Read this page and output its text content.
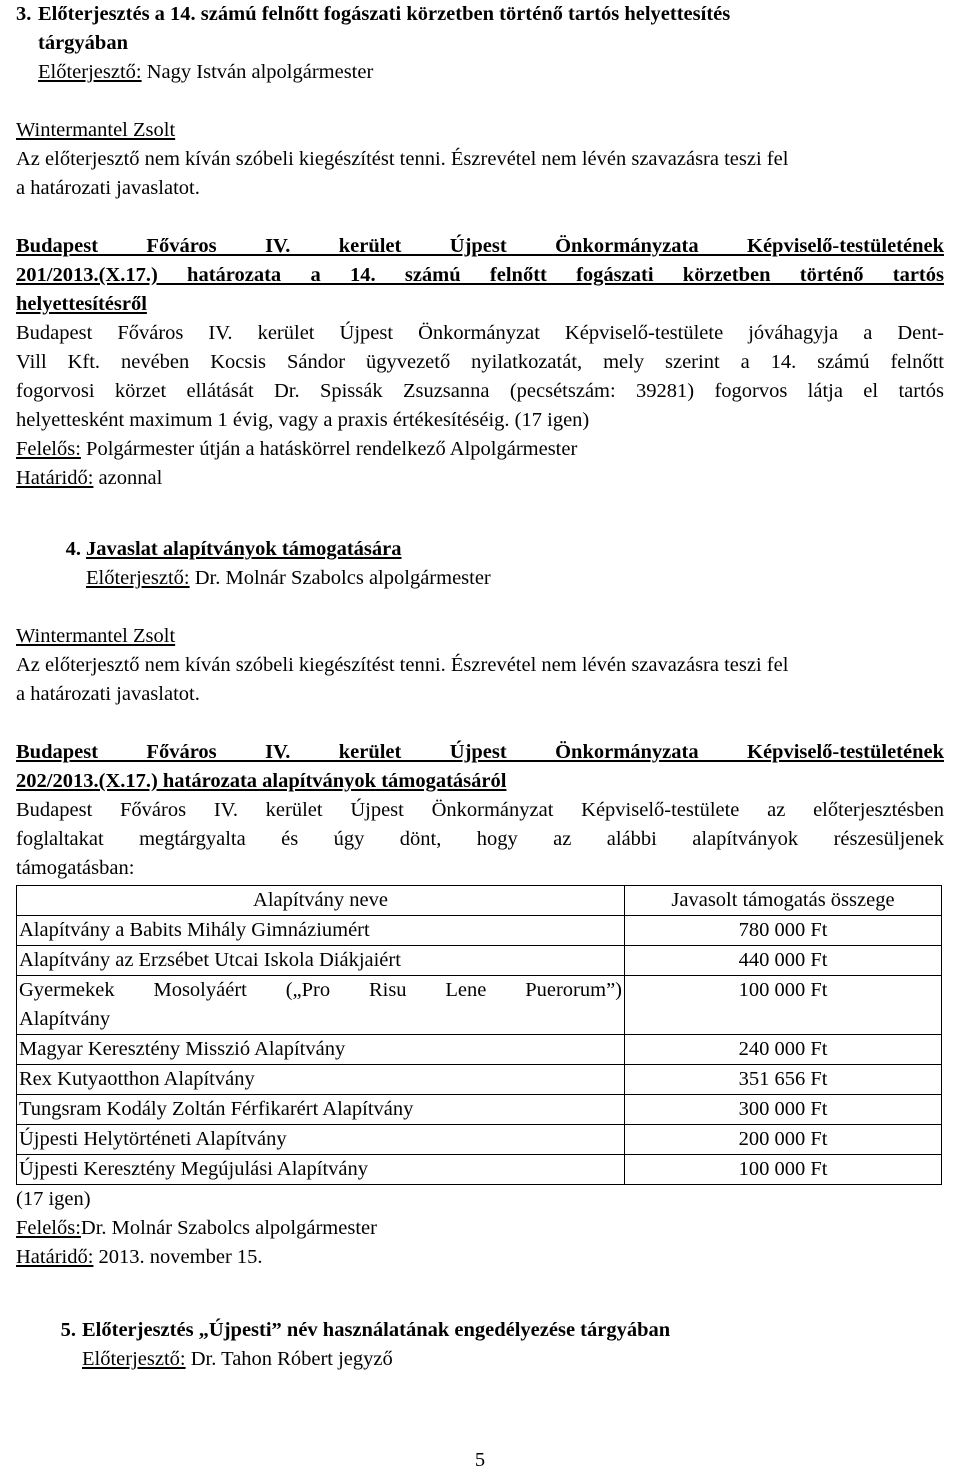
3. Előterjesztés a 14. számú felnőtt fogászati körzetben történő tartós helyettesítés
tárgyában
Előterjesztő: Nagy István alpolgármester
Wintermantel Zsolt
Az előterjesztő nem kíván szóbeli kiegészítést tenni. Észrevétel nem lévén szavazásra teszi fel
a határozati javaslatot.
Budapest Főváros IV. kerület Újpest Önkormányzata Képviselő-testületének
201/2013.(X.17.) határozata a 14. számú felnőtt fogászati körzetben történő tartós
helyettesítésről
Budapest Főváros IV. kerület Újpest Önkormányzat Képviselő-testülete jóváhagyja a Dent-
Vill Kft. nevében Kocsis Sándor ügyvezető nyilatkozatát, mely szerint a 14. számú felnőtt
fogorvosi körzet ellátását Dr. Spissák Zsuzsanna (pecsétszám: 39281) fogorvos látja el tartós
helyettesként maximum 1 évig, vagy a praxis értékesítéséig. (17 igen)
Felelős: Polgármester útján a hatáskörrel rendelkező Alpolgármester
Határidő: azonnal
4. Javaslat alapítványok támogatására
Előterjesztő: Dr. Molnár Szabolcs alpolgármester
Wintermantel Zsolt
Az előterjesztő nem kíván szóbeli kiegészítést tenni. Észrevétel nem lévén szavazásra teszi fel
a határozati javaslatot.
Budapest Főváros IV. kerület Újpest Önkormányzata Képviselő-testületének
202/2013.(X.17.) határozata alapítványok támogatásáról
Budapest Főváros IV. kerület Újpest Önkormányzat Képviselő-testülete az előterjesztésben
foglaltakat megtárgyalta és úgy dönt, hogy az alábbi alapítványok részesüljenek
támogatásban:
Alapítvány neve	Javasolt támogatás összege
Alapítvány a Babits Mihály Gimnáziumért	780 000 Ft
Alapítvány az Erzsébet Utcai Iskola Diákjaiért	440 000 Ft

Gyermekek Mosolyáért („Pro Risu Lene Puerorum”)
Alapítvány	100 000 Ft
Magyar Keresztény Misszió Alapítvány	240 000 Ft
Rex Kutyaotthon Alapítvány	351 656 Ft
Tungsram Kodály Zoltán Férfikarért Alapítvány	300 000 Ft
Újpesti Helytörténeti Alapítvány	200 000 Ft
Újpesti Keresztény Megújulási Alapítvány	100 000 Ft
(17 igen)
Felelős:Dr. Molnár Szabolcs alpolgármester
Határidő: 2013. november 15.
5. Előterjesztés „Újpesti” név használatának engedélyezése tárgyában
Előterjesztő: Dr. Tahon Róbert jegyző
5
